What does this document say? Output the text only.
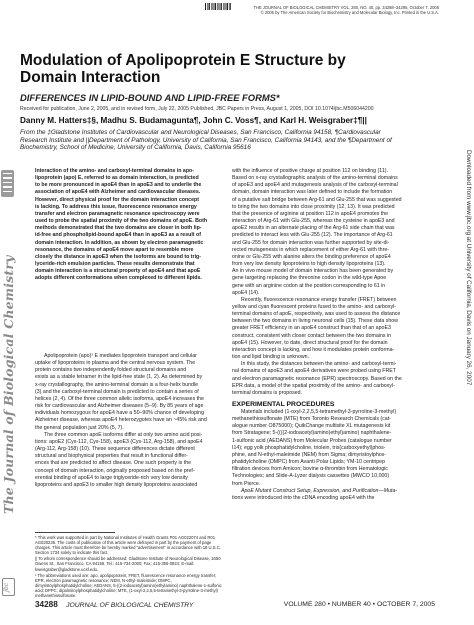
THE JOURNAL OF BIOLOGICAL CHEMISTRY VOL. 280, NO. 40, pp. 34288–34295, October 7, 2005
© 2005 by The American Society for Biochemistry and Molecular Biology, Inc. Printed in the U.S.A.
Modulation of Apolipoprotein E Structure by
Domain Interaction
DIFFERENCES IN LIPID-BOUND AND LIPID-FREE FORMS*
Received for publication, June 2, 2005, and in revised form, July 22, 2005 Published, JBC Papers in Press, August 1, 2005, DOI 10.1074/jbc.M506044200
Danny M. Hatters‡§, Madhu S. Budamagunta¶, John C. Voss¶, and Karl H. Weisgraber‡¶||
From the ‡Gladstone Institutes of Cardiovascular and Neurological Diseases, San Francisco, California 94158, ¶Cardiovascular
Research Institute and ||Department of Pathology, University of California, San Francisco, California 94143, and the ¶Department of
Biochemistry, School of Medicine, University of California, Davis, California 95616
Interaction of the amino- and carboxyl-terminal domains in apo-
lipoprotein (apo) E, referred to as domain interaction, is predicted
to be more pronounced in apoE4 than in apoE3 and to underlie the
association of apoE4 with Alzheimer and cardiovascular diseases.
However, direct physical proof for the domain interaction concept
is lacking. To address this issue, fluorescence resonance energy
transfer and electron paramagnetic resonance spectroscopy were
used to probe the spatial proximity of the two domains of apoE. Both
methods demonstrated that the two domains are closer in both lip-
id-free and phospholipid-bound apoE4 than in apoE3 as a result of
domain interaction. In addition, as shown by electron paramagnetic
resonance, the domains of apoE4 move apart to resemble more
closely the distance in apoE3 when the isoforms are bound to trig-
lyceride-rich emulsion particles. These results demonstrate that
domain interaction is a structural property of apoE4 and that apoE
adopts different conformations when complexed to different lipids.
Apolipoprotein (apo)¹ E mediates lipoprotein transport and cellular
uptake of lipoproteins in plasma and the central nervous system. The
protein contains two independently folded structural domains and
exists as a stable tetramer in the lipid-free state (1, 2). As determined by
x-ray crystallography, the amino-terminal domain is a four-helix bundle
(3) and the carboxyl-terminal domain is predicted to contain a series of
helices (2, 4). Of the three common allelic isoforms, apoE4 increases the
risk for cardiovascular and Alzheimer diseases (5–9). By 85 years of age
individuals homozygous for apoE4 have a 50–90% chance of developing
Alzheimer disease, whereas apoE4 heterozygotes have an ~45% risk and
the general population just 20% (5, 7).
The three common apoE isoforms differ at only two amino acid posi-
tions: apoE2 (Cys-112, Cys-158), apoE3 (Cys-112, Arg-158), and apoE4
(Arg-112, Arg-158) (10). These sequence differences dictate different
structural and biophysical properties that result in functional differ-
ences that are predicted to affect disease. One such property is the
concept of domain interaction, originally proposed based on the pref-
erential binding of apoE4 to large triglyceride-rich very low density
lipoproteins and apoE3 to smaller high density lipoproteins associated

* This work was supported in part by National Institutes of Health Grants P01 AG022074 and R01 AG020235. The costs of publication of this article were defrayed in part by the payment of page charges. This article must therefore be hereby marked “advertisement” in accordance with 18 U.S.C. Section 1734 solely to indicate this fact.

|| To whom correspondence should be addressed: Gladstone Institute of Neurological Disease, 1650 Owens St., San Francisco, CA 94158. Tel.: 415-734-2000; Fax: 415-355-0824; E-mail: kweisgraber@gladstone.ucsf.edu.

¹ The abbreviations used are: apo, apolipoprotein; FRET, fluorescence resonance energy transfer; EPR, electron paramagnetic resonance; NEM, N-ethyl-maleimide; DMPC, dimyristoylphosphatidylcholine; AEDANS, 5-((2-iodoacetyl)amino)ethylamino) naphthalene-1-sulfonic acid; DPPC, dipalmitoylphosphatidylcholine; MTE, (1-oxyl-2,2,5,5-tetramethyl-3-pyrroline-3-methyl) methanethiosulfonate.

with the influence of positive charge at position 112 on binding (11).
Based on x-ray crystallographic analysis of the amino-terminal domains
of apoE3 and apoE4 and mutagenesis analysis of the carboxyl-terminal
domain, domain interaction was later defined to include the formation
of a putative salt bridge between Arg-61 and Glu-255 that was suggested
to bring the two domains into close proximity (12, 13). It was predicted
that the presence of arginine at position 112 in apoE4 promotes the
interaction of Arg-61 with Glu-255, whereas the cysteine in apoE3 and
apoE2 results in an alternate placing of the Arg-61 side chain that was
predicted to interact less with Glu-255 (12). The importance of Arg-61
and Glu-255 for domain interaction was further supported by site-di-
rected mutagenesis in which replacement of either Arg-61 with thre-
onine or Glu-255 with alanine alters the binding preference of apoE4
from very low density lipoproteins to high density lipoproteins (13).
An in vivo mouse model of domain interaction has been generated by
gene targeting replacing the threonine codon in the wild-type Apoe
gene with an arginine codon at the position corresponding to 61 in
apoE4 (14).
Recently, fluorescence resonance energy transfer (FRET) between
yellow and cyan fluorescent proteins fused to the amino- and carboxyl-
terminal domains of apoE, respectively, was used to assess the distance
between the two domains in living neuronal cells (15). These data show
greater FRET efficiency in an apoE4 construct than that of an apoE3
construct, consistent with closer contact between the two domains in
apoE4 (15). However, to date, direct structural proof for the domain
interaction concept is lacking, and how it modulates protein conforma-
tion and lipid binding is unknown.
In this study, the distances between the amino- and carboxyl-termi-
nal domains of apoE3 and apoE4 derivatives were probed using FRET
and electron paramagnetic resonance (EPR) spectroscopy. Based on the
EPR data, a model of the spatial proximity of the amino- and carboxyl-
terminal domains is proposed.
EXPERIMENTAL PROCEDURES
Materials included (1-oxyl-2,2,5,5-tetramethyl-3-pyrroline-3-methyl)
methanethiosulfonate (MTE) from Toronto Research Chemicals (cat-
alogue number O875000); QuikChange multisite XL mutagenesis kit
from Stratagene; 5-((((2-iodoacetyl)amino)ethyl)amino) naphthalene-
1-sulfonic acid (AEDANS) from Molecular Probes (catalogue number
I14); egg yolk phosphatidylcholine, triolein, tris(carboxyethyl)phos-
phine, and N-ethyl-maleimide (NEM) from Sigma; dimyristoylphos-
phatidylcholine (DMPC) from Avanti Polar Lipids; YM-10 centripep
filtration devices from Amicon; bovine α-thrombin from Hematologic
Technologies; and Slide-A-Lyzer dialysis cassettes (MWCO 10,000)
from Pierce.
ApoE Mutant Construct Setup, Expression, and Purification—Muta-
tions were introduced into the cDNA encoding apoE4 with the
The Journal of Biological Chemistry
jbc
Downloaded from www.jbc.org at University of California, Davis on January 26, 2007
34288 JOURNAL OF BIOLOGICAL CHEMISTRY	VOLUME 280 • NUMBER 40 • OCTOBER 7, 2005
